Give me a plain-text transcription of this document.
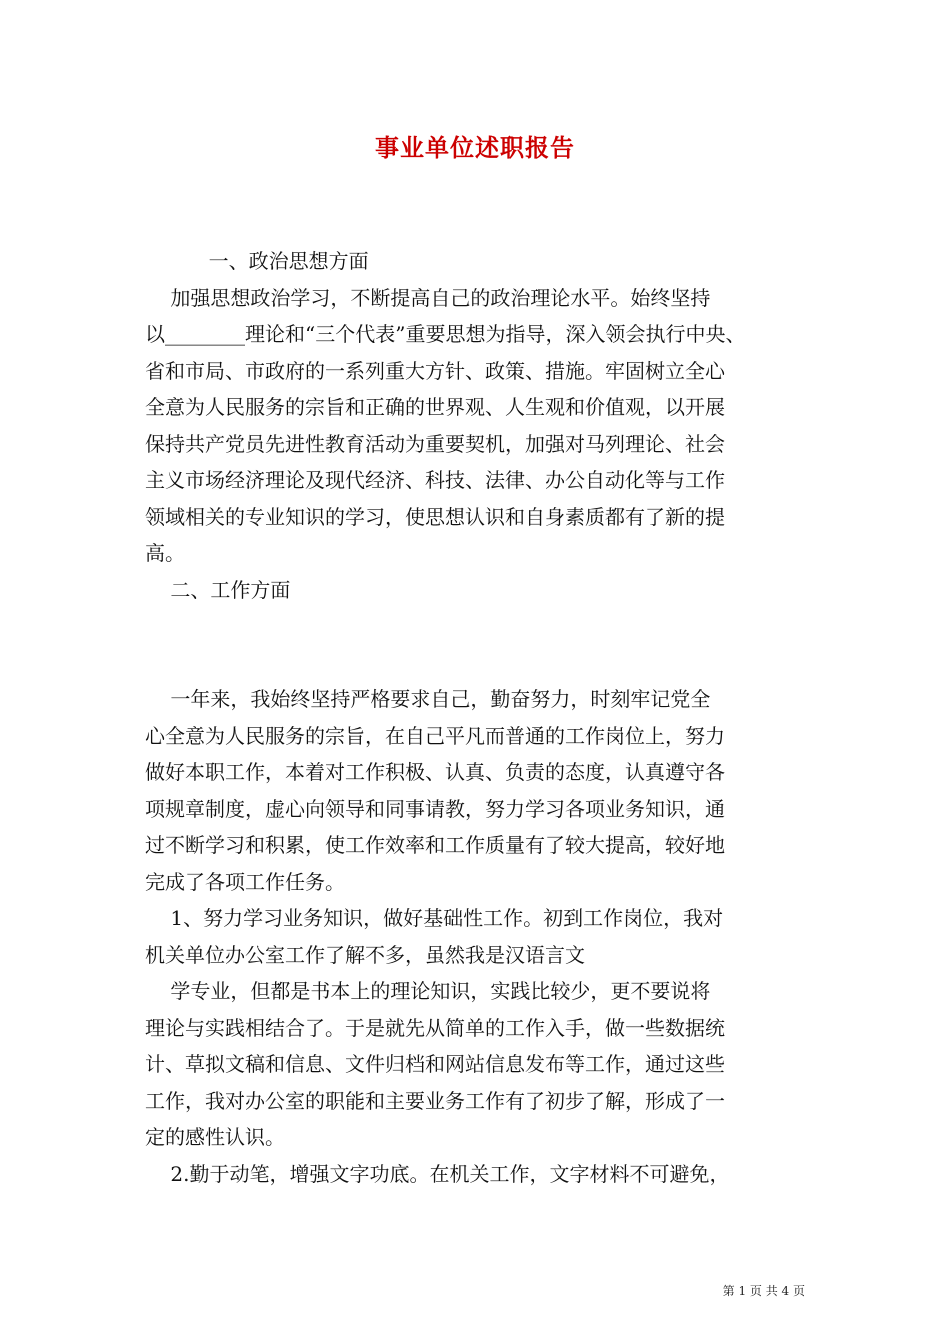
事业单位述职报告
一、政治思想方面
加强思想政治学习，不断提高自己的政治理论水平。始终坚持
以________理论和“三个代表”重要思想为指导，深入领会执行中央、
省和市局、市政府的一系列重大方针、政策、措施。牢固树立全心
全意为人民服务的宗旨和正确的世界观、人生观和价值观，以开展
保持共产党员先进性教育活动为重要契机，加强对马列理论、社会
主义市场经济理论及现代经济、科技、法律、办公自动化等与工作
领域相关的专业知识的学习，使思想认识和自身素质都有了新的提
高。
二、工作方面
一年来，我始终坚持严格要求自己，勤奋努力，时刻牢记党全
心全意为人民服务的宗旨，在自己平凡而普通的工作岗位上，努力
做好本职工作，本着对工作积极、认真、负责的态度，认真遵守各
项规章制度，虚心向领导和同事请教，努力学习各项业务知识，通
过不断学习和积累，使工作效率和工作质量有了较大提高，较好地
完成了各项工作任务。
1、努力学习业务知识，做好基础性工作。初到工作岗位，我对
机关单位办公室工作了解不多，虽然我是汉语言文
学专业，但都是书本上的理论知识，实践比较少，更不要说将
理论与实践相结合了。于是就先从简单的工作入手，做一些数据统
计、草拟文稿和信息、文件归档和网站信息发布等工作，通过这些
工作，我对办公室的职能和主要业务工作有了初步了解，形成了一
定的感性认识。
2.勤于动笔，增强文字功底。在机关工作，文字材料不可避免，
第 1 页 共 4 页
